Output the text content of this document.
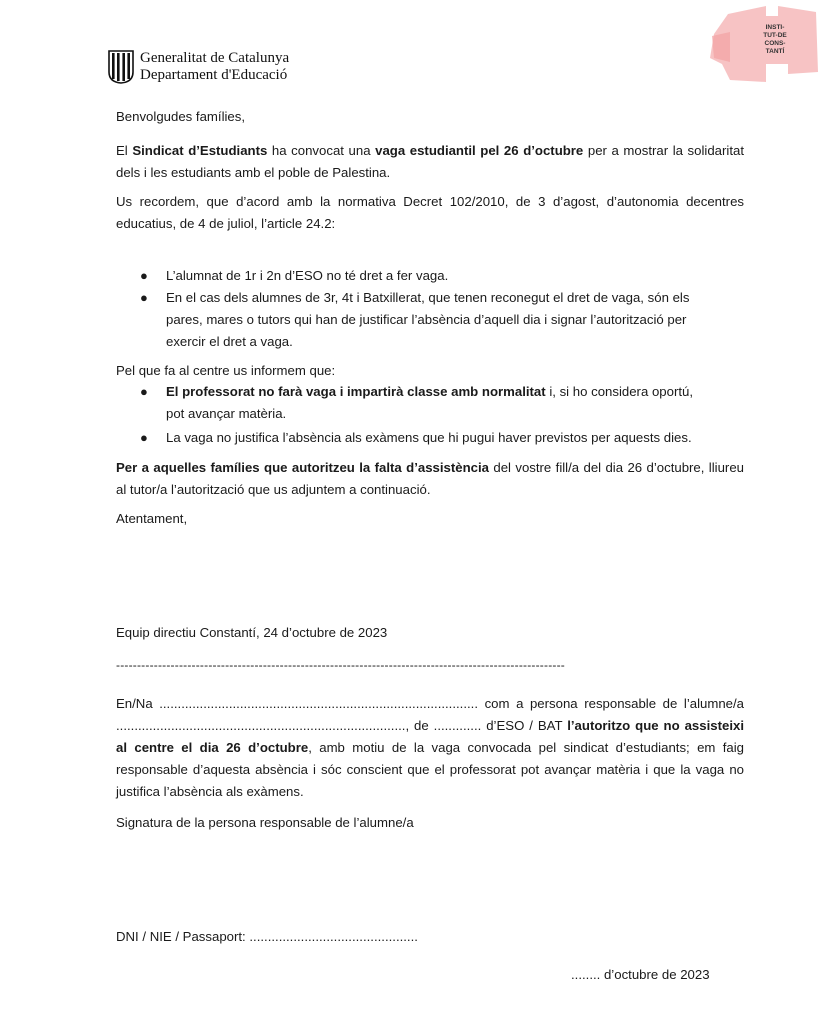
Generalitat de Catalunya
Departament d'Educació
INSTI-
TUT-DE
CONS-
TANTÍ

Benvolgudes famílies,

El Sindicat d’Estudiants ha convocat una vaga estudiantil pel 26 d’octubre per a mostrar la solidaritat dels i les estudiants amb el poble de Palestina.

Us recordem, que d’acord amb la normativa Decret 102/2010, de 3 d’agost, d’autonomia decentres educatius, de 4 de juliol, l’article 24.2:

● L’alumnat de 1r i 2n d’ESO no té dret a fer vaga.
● En el cas dels alumnes de 3r, 4t i Batxillerat, que tenen reconegut el dret de vaga, són els pares, mares o tutors qui han de justificar l’absència d’aquell dia i signar l’autorització per exercir el dret a vaga.

Pel que fa al centre us informem que:

● El professorat no farà vaga i impartirà classe amb normalitat i, si ho considera oportú, pot avançar matèria.
● La vaga no justifica l’absència als exàmens que hi pugui haver previstos per aquests dies.

Per a aquelles famílies que autoritzeu la falta d’assistència del vostre fill/a del dia 26 d’octubre, lliureu al tutor/a l’autorització que us adjuntem a continuació.

Atentament,

Equip directiu Constantí, 24 d’octubre de 2023

-----------------------------------------------------------------------------------------------------------

En/Na ....................................................................................... com a persona responsable de l’alumne/a ..............................................................................., de ............. d’ESO / BAT l’autoritzo que no assisteixi al centre el dia 26 d’octubre, amb motiu de la vaga convocada pel sindicat d’estudiants; em faig responsable d’aquesta absència i sóc conscient que el professorat pot avançar matèria i que la vaga no justifica l’absència als exàmens.

Signatura de la persona responsable de l’alumne/a

DNI / NIE / Passaport: ..............................................

........ d’octubre de 2023
